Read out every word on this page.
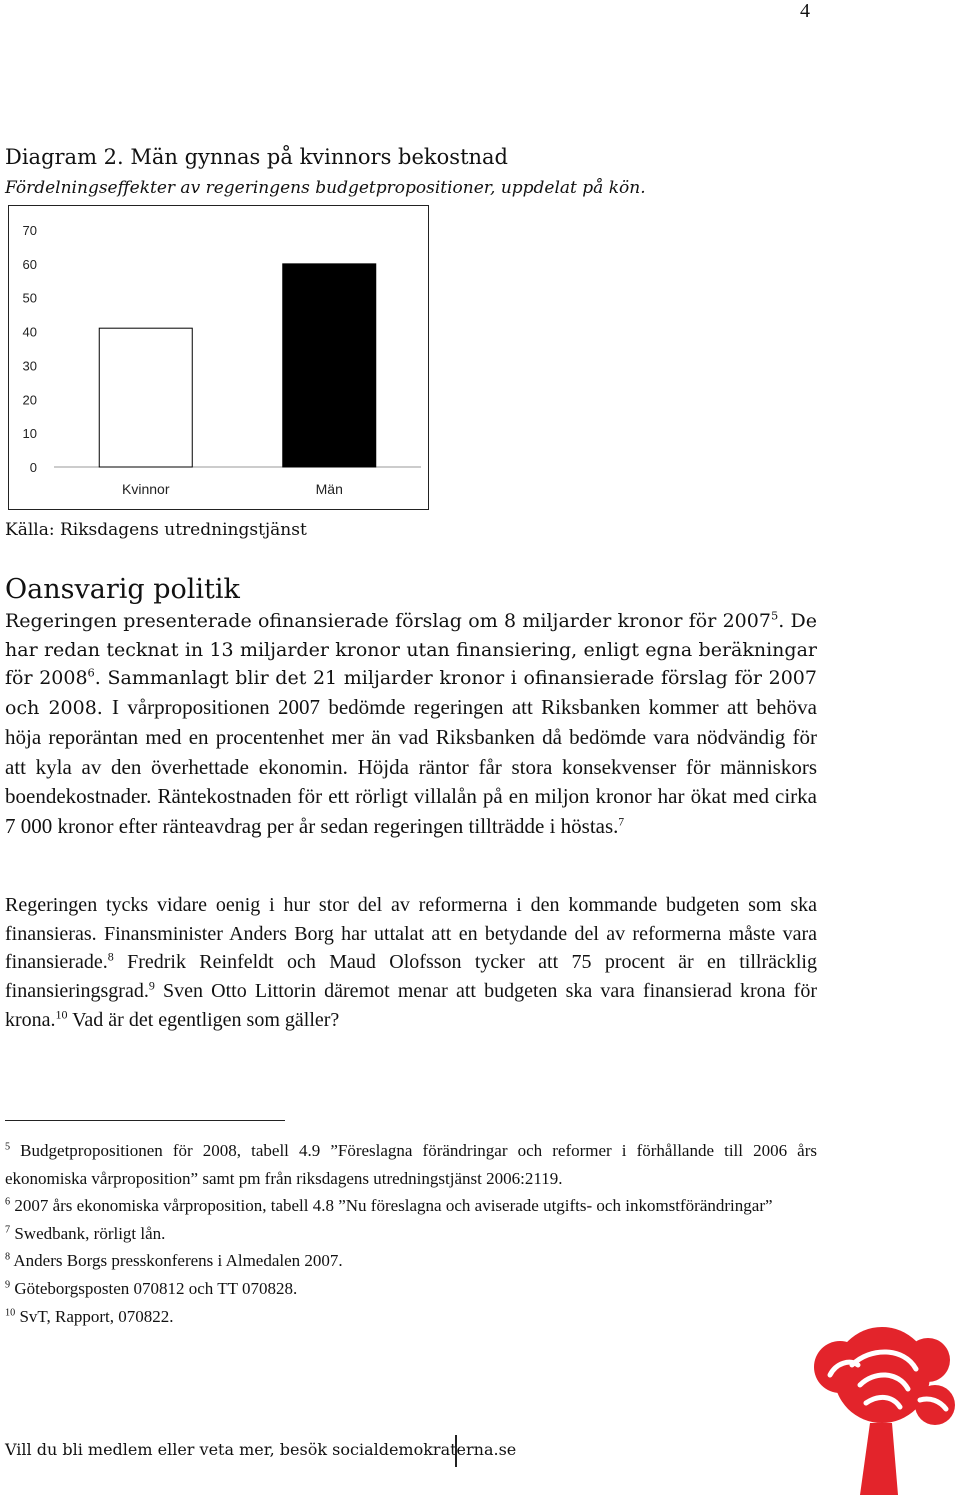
4
Diagram 2. Män gynnas på kvinnors bekostnad
Fördelningseffekter av regeringens budgetpropositioner, uppdelat på kön.
0
10
20
30
40
50
60
70
Kvinnor	Män
Källa: Riksdagens utredningstjänst
Oansvarig politik
Regeringen presenterade ofinansierade förslag om 8 miljarder kronor för 2007$^5$. De har redan tecknat in 13 miljarder kronor utan finansiering, enligt egna beräkningar för 2008$^6$. Sammanlagt blir det 21 miljarder kronor i ofinansierade förslag för 2007 och 2008. I vårpropositionen 2007 bedömde regeringen att Riksbanken kommer att behöva höja reporäntan med en procentenhet mer än vad Riksbanken då bedömde vara nödvändig för att kyla av den överhettade ekonomin. Höjda räntor får stora konsekvenser för människors boendekostnader. Räntekostnaden för ett rörligt villalån på en miljon kronor har ökat med cirka 7 000 kronor efter ränteavdrag per år sedan regeringen tillträdde i höstas.$^7$
Regeringen tycks vidare oenig i hur stor del av reformerna i den kommande budgeten som ska finansieras. Finansminister Anders Borg har uttalat att en betydande del av reformerna måste vara finansierade.$^8$ Fredrik Reinfeldt och Maud Olofsson tycker att 75 procent är en tillräcklig finansieringsgrad.$^9$ Sven Otto Littorin däremot menar att budgeten ska vara finansierad krona för krona.$^{10}$ Vad är det egentligen som gäller?
$^5$ Budgetpropositionen för 2008, tabell 4.9 ”Föreslagna förändringar och reformer i förhållande till 2006 års ekonomiska vårproposition” samt pm från riksdagens utredningstjänst 2006:2119.
$^6$ 2007 års ekonomiska vårproposition, tabell 4.8 ”Nu föreslagna och aviserade utgifts- och inkomstförändringar”
$^7$ Swedbank, rörligt lån.
$^8$ Anders Borgs presskonferens i Almedalen 2007.
$^9$ Göteborgsposten 070812 och TT 070828.
$^{10}$ SvT, Rapport, 070822.
Vill du bli medlem eller veta mer, besök socialdemokraterna.se
